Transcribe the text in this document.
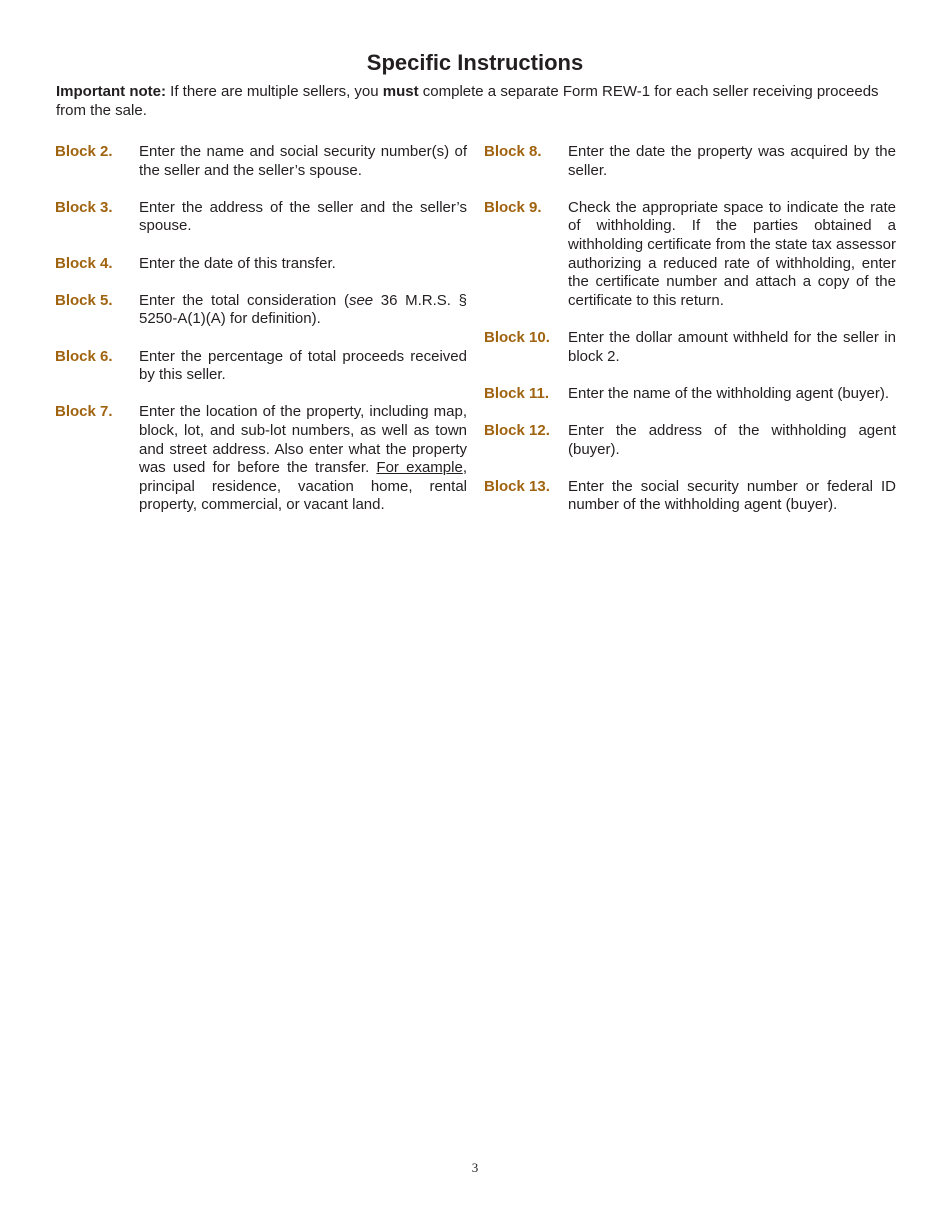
Specific Instructions
Important note: If there are multiple sellers, you must complete a separate Form REW-1 for each seller receiving proceeds from the sale.
Block 2.	Enter the name and social security number(s) of the seller and the seller’s spouse.
Block 3.	Enter the address of the seller and the seller’s spouse.
Block 4.	Enter the date of this transfer.
Block 5.	Enter the total consideration (see 36 M.R.S. § 5250-A(1)(A) for definition).
Block 6.	Enter the percentage of total proceeds received by this seller.
Block 7.	Enter the location of the property, including map, block, lot, and sub-lot numbers, as well as town and street address. Also enter what the property was used for before the transfer. For example, principal residence, vacation home, rental property, commercial, or vacant land.
Block 8.	Enter the date the property was acquired by the seller.
Block 9.	Check the appropriate space to indicate the rate of withholding. If the parties obtained a withholding certificate from the state tax assessor authorizing a reduced rate of withholding, enter the certificate number and attach a copy of the certificate to this return.
Block 10.	Enter the dollar amount withheld for the seller in block 2.
Block 11.	Enter the name of the withholding agent (buyer).
Block 12.	Enter the address of the withholding agent (buyer).
Block 13.	Enter the social security number or federal ID number of the withholding agent (buyer).
3
